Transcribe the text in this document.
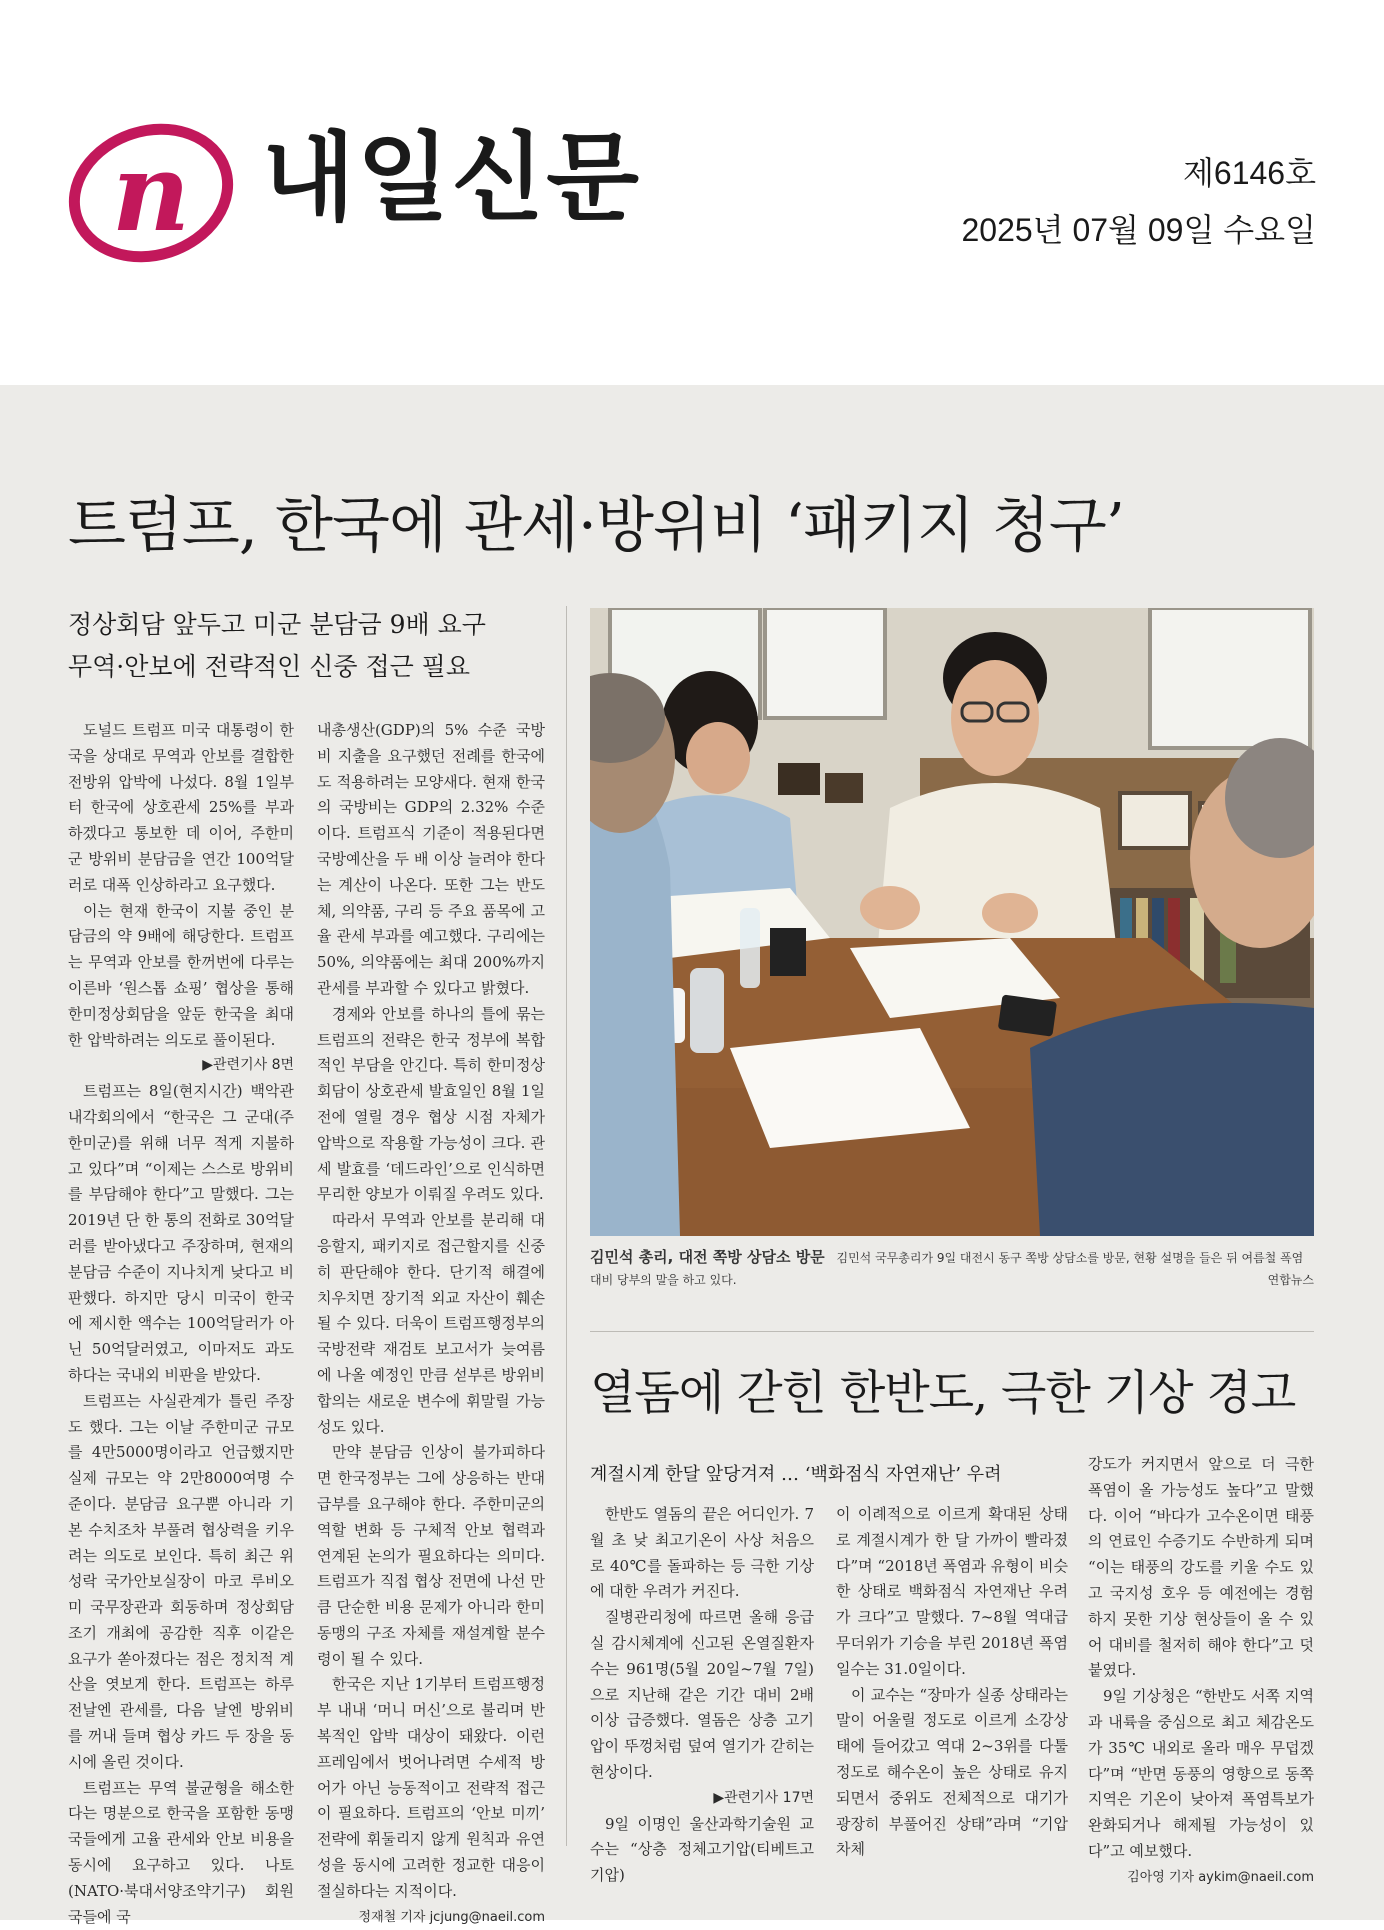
n 내일신문	제6146호
2025년 07월 09일 수요일
트럼프, 한국에 관세·방위비 ‘패키지 청구’
정상회담 앞두고 미군 분담금 9배 요구
무역·안보에 전략적인 신중 접근 필요

도널드 트럼프 미국 대통령이 한국을 상대로 무역과 안보를 결합한 전방위 압박에 나섰다. 8월 1일부터 한국에 상호관세 25%를 부과하겠다고 통보한 데 이어, 주한미군 방위비 분담금을 연간 100억달러로 대폭 인상하라고 요구했다.

이는 현재 한국이 지불 중인 분담금의 약 9배에 해당한다. 트럼프는 무역과 안보를 한꺼번에 다루는 이른바 ‘원스톱 쇼핑’ 협상을 통해 한미정상회담을 앞둔 한국을 최대한 압박하려는 의도로 풀이된다.

▶관련기사 8면

트럼프는 8일(현지시간) 백악관 내각회의에서 “한국은 그 군대(주한미군)를 위해 너무 적게 지불하고 있다”며 “이제는 스스로 방위비를 부담해야 한다”고 말했다. 그는 2019년 단 한 통의 전화로 30억달러를 받아냈다고 주장하며, 현재의 분담금 수준이 지나치게 낮다고 비판했다. 하지만 당시 미국이 한국에 제시한 액수는 100억달러가 아닌 50억달러였고, 이마저도 과도하다는 국내외 비판을 받았다.

트럼프는 사실관계가 틀린 주장도 했다. 그는 이날 주한미군 규모를 4만5000명이라고 언급했지만 실제 규모는 약 2만8000여명 수준이다. 분담금 요구뿐 아니라 기본 수치조차 부풀려 협상력을 키우려는 의도로 보인다. 특히 최근 위성락 국가안보실장이 마코 루비오 미 국무장관과 회동하며 정상회담 조기 개최에 공감한 직후 이같은 요구가 쏟아졌다는 점은 정치적 계산을 엿보게 한다. 트럼프는 하루 전날엔 관세를, 다음 날엔 방위비를 꺼내 들며 협상 카드 두 장을 동시에 올린 것이다.

트럼프는 무역 불균형을 해소한다는 명분으로 한국을 포함한 동맹국들에게 고율 관세와 안보 비용을 동시에 요구하고 있다. 나토(NATO·북대서양조약기구) 회원국들에 국

내총생산(GDP)의 5% 수준 국방비 지출을 요구했던 전례를 한국에도 적용하려는 모양새다. 현재 한국의 국방비는 GDP의 2.32% 수준이다. 트럼프식 기준이 적용된다면 국방예산을 두 배 이상 늘려야 한다는 계산이 나온다. 또한 그는 반도체, 의약품, 구리 등 주요 품목에 고율 관세 부과를 예고했다. 구리에는 50%, 의약품에는 최대 200%까지 관세를 부과할 수 있다고 밝혔다.

경제와 안보를 하나의 틀에 묶는 트럼프의 전략은 한국 정부에 복합적인 부담을 안긴다. 특히 한미정상회담이 상호관세 발효일인 8월 1일 전에 열릴 경우 협상 시점 자체가 압박으로 작용할 가능성이 크다. 관세 발효를 ‘데드라인’으로 인식하면 무리한 양보가 이뤄질 우려도 있다.

따라서 무역과 안보를 분리해 대응할지, 패키지로 접근할지를 신중히 판단해야 한다. 단기적 해결에 치우치면 장기적 외교 자산이 훼손될 수 있다. 더욱이 트럼프행정부의 국방전략 재검토 보고서가 늦여름에 나올 예정인 만큼 섣부른 방위비 합의는 새로운 변수에 휘말릴 가능성도 있다.

만약 분담금 인상이 불가피하다면 한국정부는 그에 상응하는 반대급부를 요구해야 한다. 주한미군의 역할 변화 등 구체적 안보 협력과 연계된 논의가 필요하다는 의미다. 트럼프가 직접 협상 전면에 나선 만큼 단순한 비용 문제가 아니라 한미동맹의 구조 자체를 재설계할 분수령이 될 수 있다.

한국은 지난 1기부터 트럼프행정부 내내 ‘머니 머신’으로 불리며 반복적인 압박 대상이 돼왔다. 이런 프레임에서 벗어나려면 수세적 방어가 아닌 능동적이고 전략적 접근이 필요하다. 트럼프의 ‘안보 미끼’ 전략에 휘둘리지 않게 원칙과 유연성을 동시에 고려한 정교한 대응이 절실하다는 지적이다.

정재철 기자 jcjung@naeil.com

김민석 총리, 대전 쪽방 상담소 방문 김민석 국무총리가 9일 대전시 동구 쪽방 상담소를 방문, 현황 설명을 들은 뒤 여름철 폭염 대비 당부의 말을 하고 있다.	연합뉴스
열돔에 갇힌 한반도, 극한 기상 경고
계절시계 한달 앞당겨져 … ‘백화점식 자연재난’ 우려

한반도 열돔의 끝은 어디인가. 7월 초 낮 최고기온이 사상 처음으로 40℃를 돌파하는 등 극한 기상에 대한 우려가 커진다.

질병관리청에 따르면 올해 응급실 감시체계에 신고된 온열질환자 수는 961명(5월 20일~7월 7일)으로 지난해 같은 기간 대비 2배 이상 급증했다. 열돔은 상층 고기압이 뚜껑처럼 덮여 열기가 갇히는 현상이다.

▶관련기사 17면

9일 이명인 울산과학기술원 교수는 “상층 정체고기압(티베트고기압)

이 이례적으로 이르게 확대된 상태로 계절시계가 한 달 가까이 빨라졌다”며 “2018년 폭염과 유형이 비슷한 상태로 백화점식 자연재난 우려가 크다”고 말했다. 7~8월 역대급 무더위가 기승을 부린 2018년 폭염일수는 31.0일이다.

이 교수는 “장마가 실종 상태라는 말이 어울릴 정도로 이르게 소강상태에 들어갔고 역대 2~3위를 다툴 정도로 해수온이 높은 상태로 유지되면서 중위도 전체적으로 대기가 광장히 부풀어진 상태”라며 “기압 차체

강도가 커지면서 앞으로 더 극한 폭염이 올 가능성도 높다”고 말했다. 이어 “바다가 고수온이면 태풍의 연료인 수증기도 수반하게 되며 “이는 태풍의 강도를 키울 수도 있고 국지성 호우 등 예전에는 경험하지 못한 기상 현상들이 올 수 있어 대비를 철저히 해야 한다”고 덧붙였다.

9일 기상청은 “한반도 서쪽 지역과 내륙을 중심으로 최고 체감온도가 35℃ 내외로 올라 매우 무덥겠다”며 “반면 동풍의 영향으로 동쪽 지역은 기온이 낮아져 폭염특보가 완화되거나 해제될 가능성이 있다”고 예보했다.

김아영 기자 aykim@naeil.com
